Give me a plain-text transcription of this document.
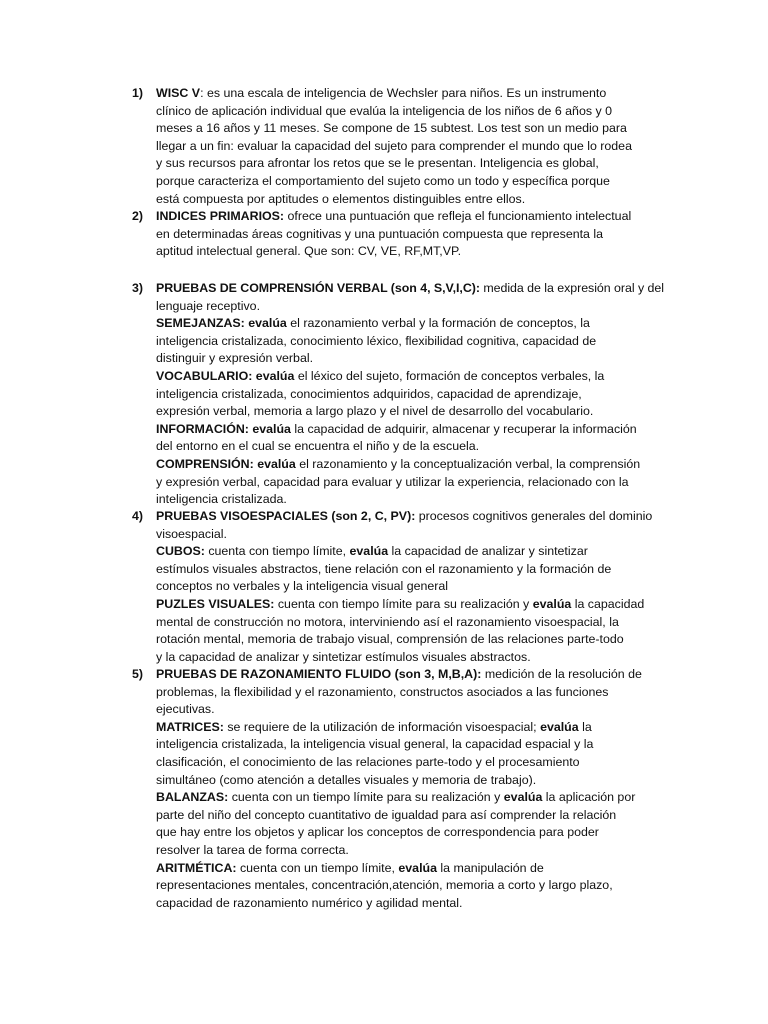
1)	WISC V: es una escala de inteligencia de Wechsler para niños. Es un instrumento
clínico de aplicación individual que evalúa la inteligencia de los niños de 6 años y 0
meses a 16 años y 11 meses. Se compone de 15 subtest. Los test son un medio para
llegar a un fin: evaluar la capacidad del sujeto para comprender el mundo que lo rodea
y sus recursos para afrontar los retos que se le presentan. Inteligencia es global,
porque caracteriza el comportamiento del sujeto como un todo y específica porque
está compuesta por aptitudes o elementos distinguibles entre ellos.
2)	INDICES PRIMARIOS: ofrece una puntuación que refleja el funcionamiento intelectual
en determinadas áreas cognitivas y una puntuación compuesta que representa la
aptitud intelectual general. Que son: CV, VE, RF,MT,VP.
3)	PRUEBAS DE COMPRENSIÓN VERBAL (son 4, S,V,I,C): medida de la expresión oral y del
lenguaje receptivo.
SEMEJANZAS: evalúa el razonamiento verbal y la formación de conceptos, la
inteligencia cristalizada, conocimiento léxico, flexibilidad cognitiva, capacidad de
distinguir y expresión verbal.
VOCABULARIO: evalúa el léxico del sujeto, formación de conceptos verbales, la
inteligencia cristalizada, conocimientos adquiridos, capacidad de aprendizaje,
expresión verbal, memoria a largo plazo y el nivel de desarrollo del vocabulario.
INFORMACIÓN: evalúa la capacidad de adquirir, almacenar y recuperar la información
del entorno en el cual se encuentra el niño y de la escuela.
COMPRENSIÓN: evalúa el razonamiento y la conceptualización verbal, la comprensión
y expresión verbal, capacidad para evaluar y utilizar la experiencia, relacionado con la
inteligencia cristalizada.
4)	PRUEBAS VISOESPACIALES (son 2, C, PV): procesos cognitivos generales del dominio
visoespacial.
CUBOS: cuenta con tiempo límite, evalúa la capacidad de analizar y sintetizar
estímulos visuales abstractos, tiene relación con el razonamiento y la formación de
conceptos no verbales y la inteligencia visual general
PUZLES VISUALES: cuenta con tiempo límite para su realización y evalúa la capacidad
mental de construcción no motora, interviniendo así el razonamiento visoespacial, la
rotación mental, memoria de trabajo visual, comprensión de las relaciones parte-todo
y la capacidad de analizar y sintetizar estímulos visuales abstractos.
5)	PRUEBAS DE RAZONAMIENTO FLUIDO (son 3, M,B,A): medición de la resolución de
problemas, la flexibilidad y el razonamiento, constructos asociados a las funciones
ejecutivas.
MATRICES: se requiere de la utilización de información visoespacial; evalúa la
inteligencia cristalizada, la inteligencia visual general, la capacidad espacial y la
clasificación, el conocimiento de las relaciones parte-todo y el procesamiento
simultáneo (como atención a detalles visuales y memoria de trabajo).
BALANZAS: cuenta con un tiempo límite para su realización y evalúa la aplicación por
parte del niño del concepto cuantitativo de igualdad para así comprender la relación
que hay entre los objetos y aplicar los conceptos de correspondencia para poder
resolver la tarea de forma correcta.
ARITMÉTICA: cuenta con un tiempo límite, evalúa la manipulación de
representaciones mentales, concentración,atención, memoria a corto y largo plazo,
capacidad de razonamiento numérico y agilidad mental.
